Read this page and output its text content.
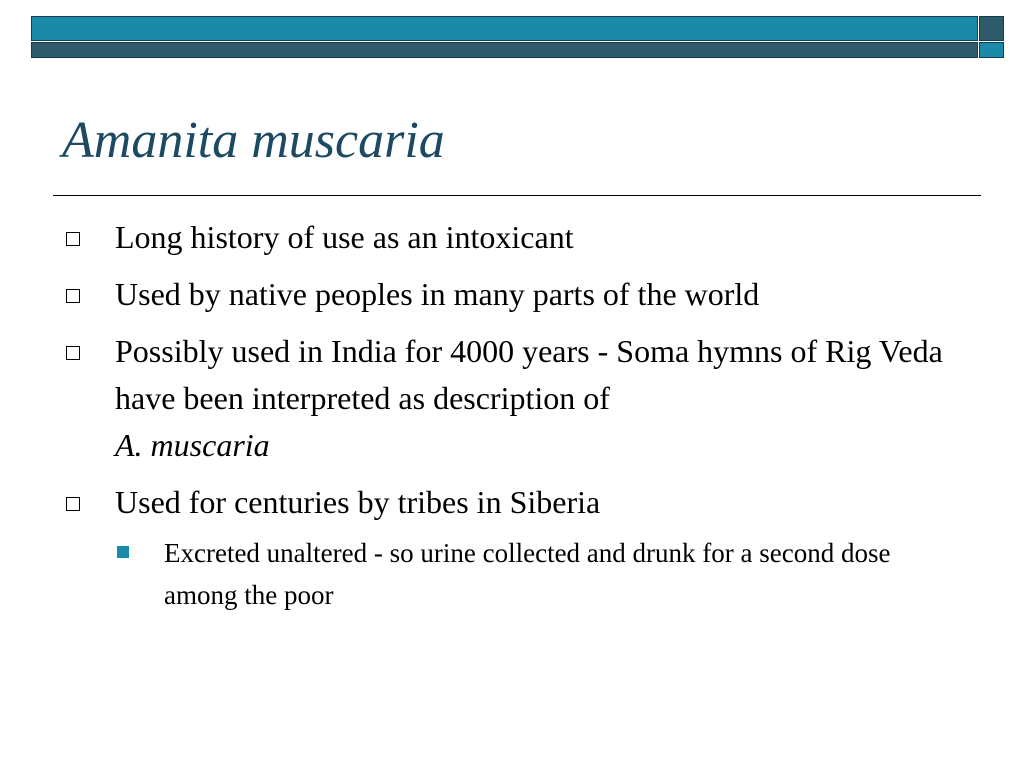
Amanita muscaria
Long history of use as an intoxicant
Used by native peoples in many parts of the world
Possibly used in India for 4000 years - Soma hymns of Rig Veda have been interpreted as description of
A. muscaria
Used for centuries by tribes in Siberia
Excreted unaltered - so urine collected and drunk for a second dose among the poor
